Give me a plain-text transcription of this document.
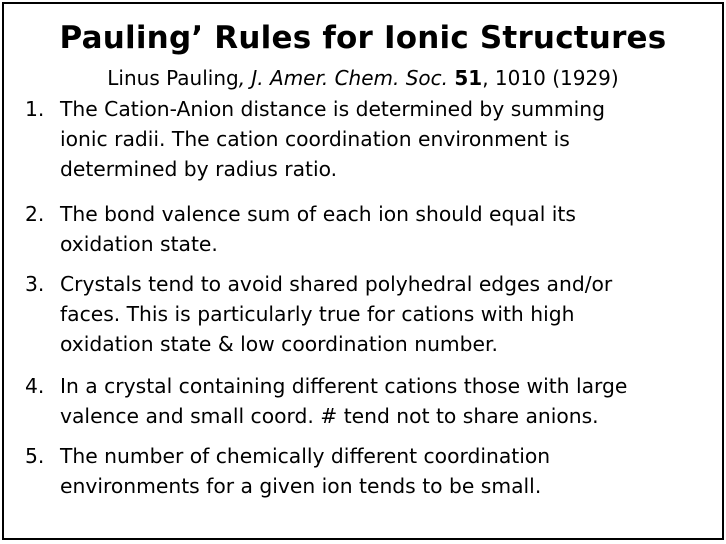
Pauling’ Rules for Ionic Structures
Linus Pauling, J. Amer. Chem. Soc. 51, 1010 (1929)
1. The Cation-Anion distance is determined by summing
ionic radii. The cation coordination environment is
determined by radius ratio.
2. The bond valence sum of each ion should equal its
oxidation state.
3. Crystals tend to avoid shared polyhedral edges and/or
faces. This is particularly true for cations with high
oxidation state & low coordination number.
4. In a crystal containing different cations those with large
valence and small coord. # tend not to share anions.
5. The number of chemically different coordination
environments for a given ion tends to be small.
